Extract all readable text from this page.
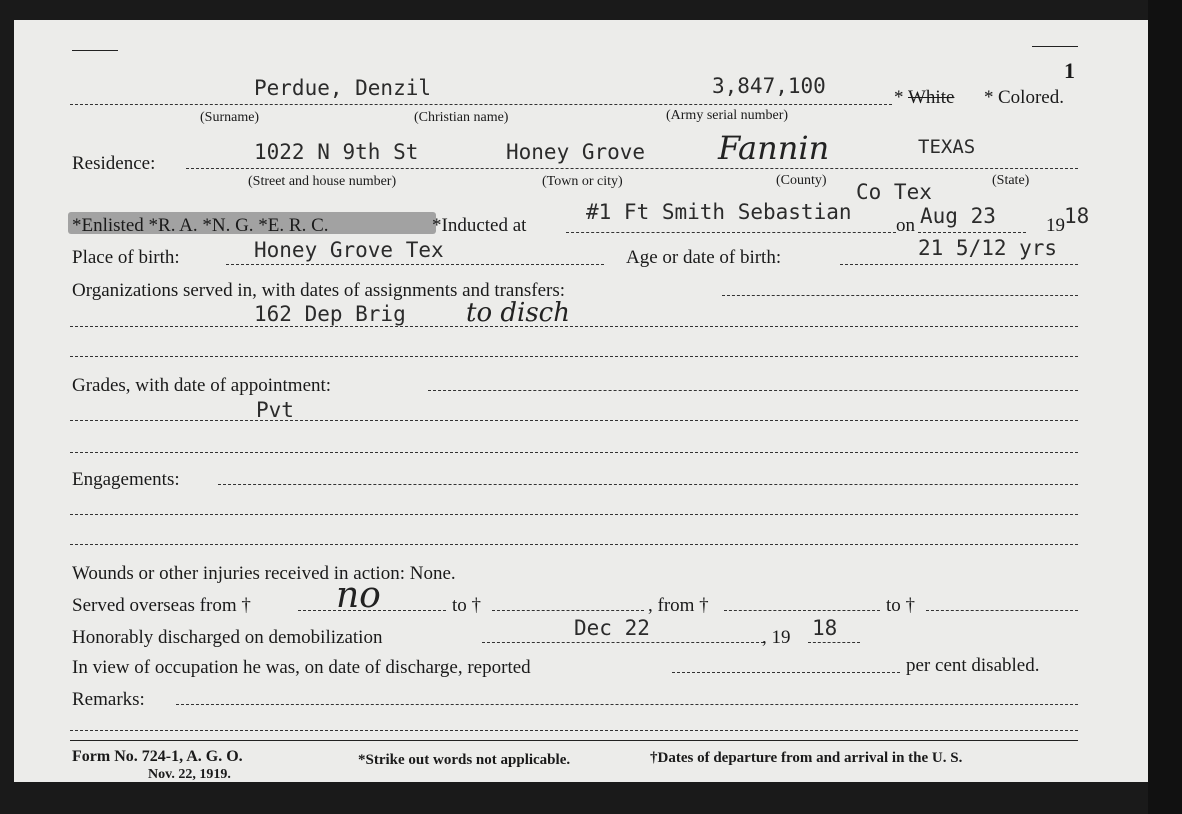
1
Perdue, Denzil	3,847,100	* White * Colored.
(Surname)	(Christian name)	(Army serial number)
Residence:	1022 N 9th St	Honey Grove Fannin	TEXAS
(Street and house number)	(Town or city)	(County)	(State)
Co Tex
*Enlisted *R. A. *N. G. *E. R. C.	*Inducted at
#1 Ft Smith Sebastian
on Aug 23	19 18
Place of birth:	Honey Grove Tex	Age or date of birth:	21 5/12 yrs
Organizations served in, with dates of assignments and transfers:
162 Dep Brig to disch
Grades, with date of appointment:
Pvt
Engagements:
Wounds or other injuries received in action: None.
Served overseas from † no	to †	, from †	to †
Honorably discharged on demobilization	Dec 22	, 19 18
In view of occupation he was, on date of discharge, reported	per cent disabled.
Remarks:
Form No. 724-1, A. G. O.
Nov. 22, 1919.
*Strike out words not applicable.	†Dates of departure from and arrival in the U. S.
